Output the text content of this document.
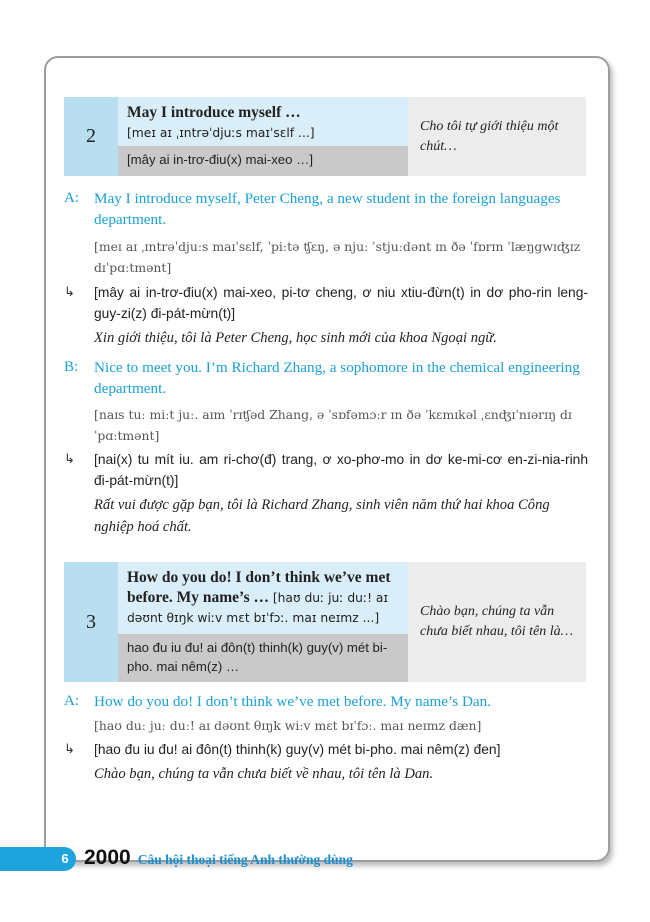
2
May I introduce myself …
[meɪ aɪ ˌɪntrəˈdjuːs maɪˈsɛlf ...]
[mây ai in-trơ-điu(x) mai-xeo …]
Cho tôi tự giới thiệu một chút…
A: May I introduce myself, Peter Cheng, a new student in the foreign languages department.
[meɪ aɪ ˌɪntrəˈdjuːs maɪˈsɛlf, ˈpiːtə ʧɛŋ, ə njuː ˈstjuːdənt ɪn ðə ˈfɒrɪn ˈlæŋgwɪʤɪz dɪˈpɑːtmənt]
↳ [mây ai in-trơ-điu(x) mai-xeo, pi-tơ cheng, ơ niu xtiu-đừn(t) in dơ pho-rin leng-guy-zi(z) đi-pát-mừn(t)]
Xin giới thiệu, tôi là Peter Cheng, học sinh mới của khoa Ngoại ngữ.
B: Nice to meet you. I’m Richard Zhang, a sophomore in the chemical engineering department.
[naɪs tuː miːt juː. aɪm ˈrɪʧəd Zhang, ə ˈsɒfəmɔːr ɪn ðə ˈkɛmɪkəl ˌɛnʤɪˈnɪərɪŋ dɪˈpɑːtmənt]
↳ [nai(x) tu mít iu. am ri-chơ(đ) trang, ơ xo-phơ-mo in dơ ke-mi-cơ en-zi-nia-rinh đi-pát-mừn(t)]
Rất vui được gặp bạn, tôi là Richard Zhang, sinh viên năm thứ hai khoa Công nghiệp hoá chất.
3
How do you do! I don’t think we’ve met before. My name’s … [haʊ duː juː duː! aɪ dəʊnt θɪŋk wiːv mɛt bɪˈfɔː. maɪ neɪmz ...]
hao đu iu đu! ai đôn(t) thinh(k) guy(v) mét bi-pho. mai nêm(z) …
Chào bạn, chúng ta vẫn chưa biết nhau, tôi tên là…
A: How do you do! I don’t think we’ve met before. My name’s Dan.
[haʊ duː juː duː! aɪ dəʊnt θɪŋk wiːv mɛt bɪˈfɔː. maɪ neɪmz dæn]
↳ [hao đu iu đu! ai đôn(t) thinh(k) guy(v) mét bi-pho. mai nêm(z) đen]
Chào bạn, chúng ta vẫn chưa biết về nhau, tôi tên là Dan.
6 2000 Câu hội thoại tiếng Anh thường dùng
